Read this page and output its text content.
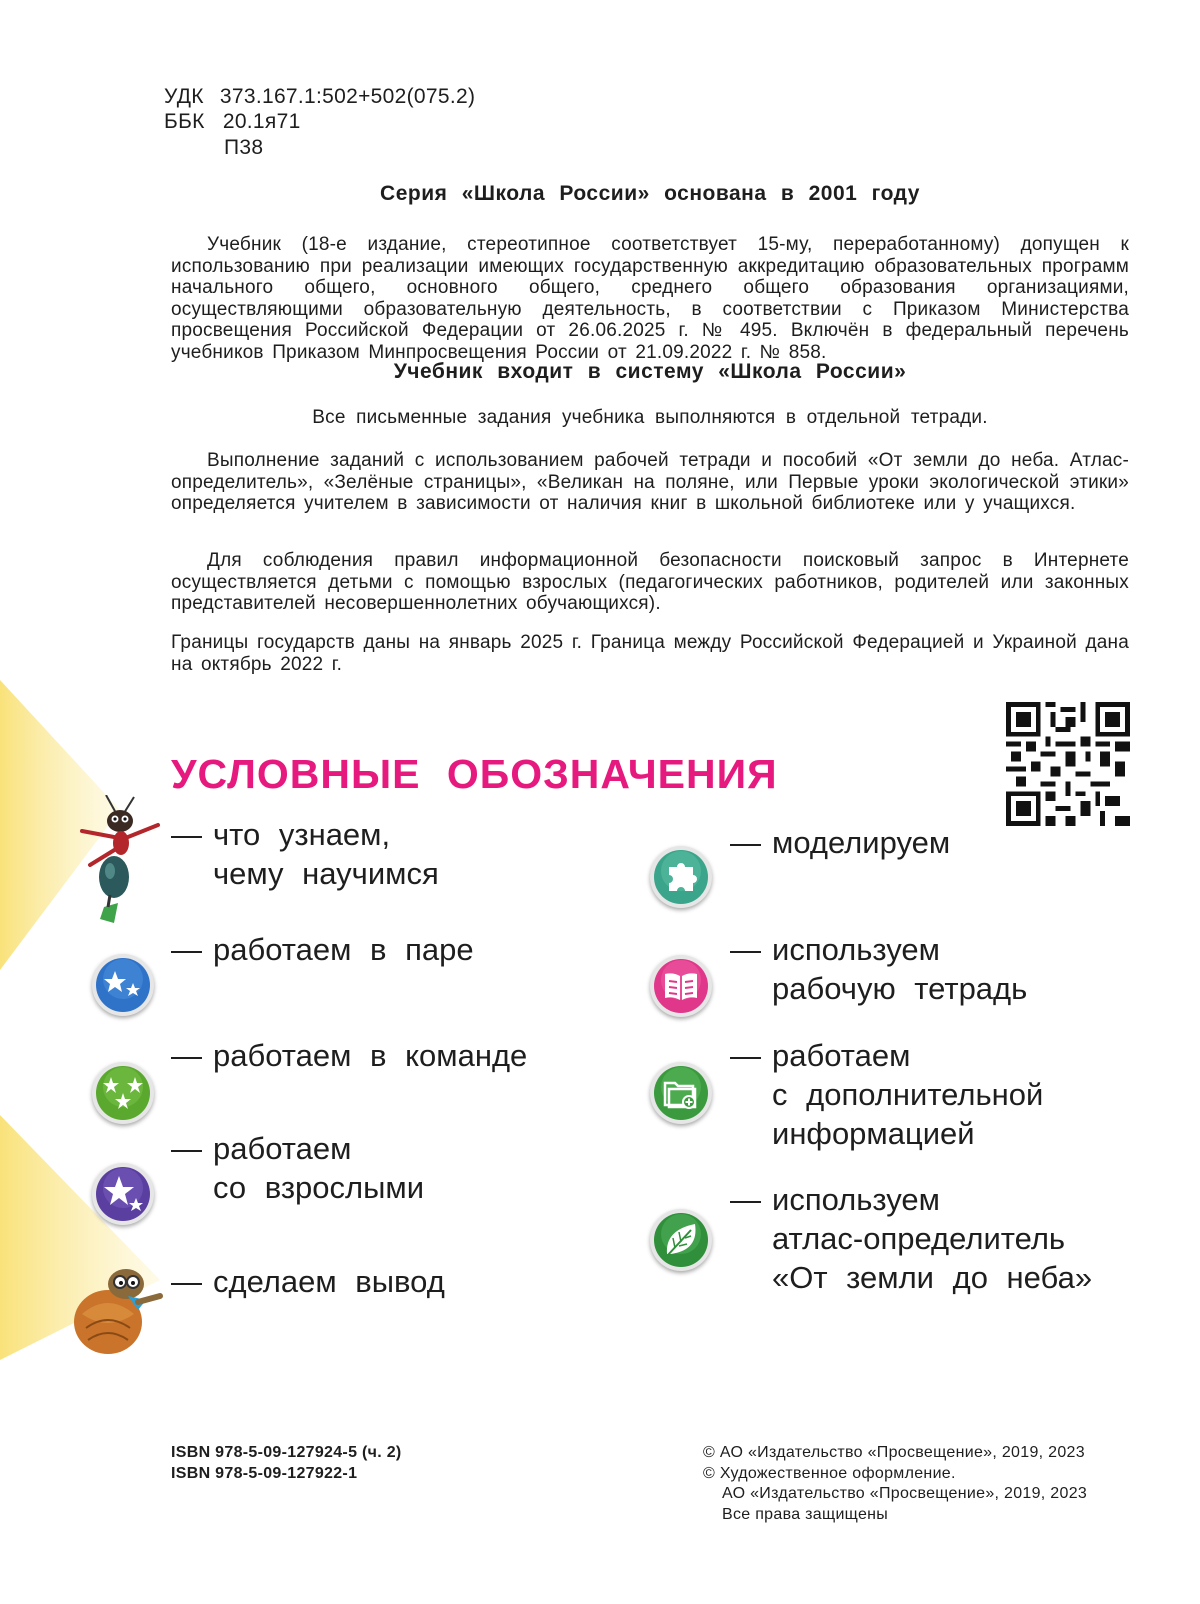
УДК 373.167.1:502+502(075.2)
ББК 20.1я71
П38
Серия «Школа России» основана в 2001 году
Учебник (18-е издание, стереотипное соответствует 15-му, переработанному) допущен к использованию при реализации имеющих государственную аккредитацию образовательных программ начального общего, основного общего, среднего общего образования организациями, осуществляющими образовательную деятельность, в соответствии с Приказом Министерства просвещения Российской Федерации от 26.06.2025 г. № 495. Включён в федеральный перечень учебников Приказом Минпросвещения России от 21.09.2022 г. № 858.
Учебник входит в систему «Школа России»
Все письменные задания учебника выполняются в отдельной тетради.
Выполнение заданий с использованием рабочей тетради и пособий «От земли до неба. Атлас-определитель», «Зелёные страницы», «Великан на поляне, или Первые уроки экологической этики» определяется учителем в зависимости от наличия книг в школьной библиотеке или у учащихся.
Для соблюдения правил информационной безопасности поисковый запрос в Интернете осуществляется детьми с помощью взрослых (педагогических работников, родителей или законных представителей несовершеннолетних обучающихся).
Границы государств даны на январь 2025 г. Граница между Российской Федерацией и Украиной дана на октябрь 2022 г.
УСЛОВНЫЕ ОБОЗНАЧЕНИЯ
— что узнаем,
чему научимся
— работаем в паре
— работаем в команде
— работаем
со взрослыми
— сделаем вывод
— моделируем
— используем
рабочую тетрадь
— работаем
с дополнительной
информацией
— используем
атлас-определитель
«От земли до неба»
ISBN 978-5-09-127924-5 (ч. 2)
ISBN 978-5-09-127922-1
© АО «Издательство «Просвещение», 2019, 2023
© Художественное оформление.
АО «Издательство «Просвещение», 2019, 2023
Все права защищены
